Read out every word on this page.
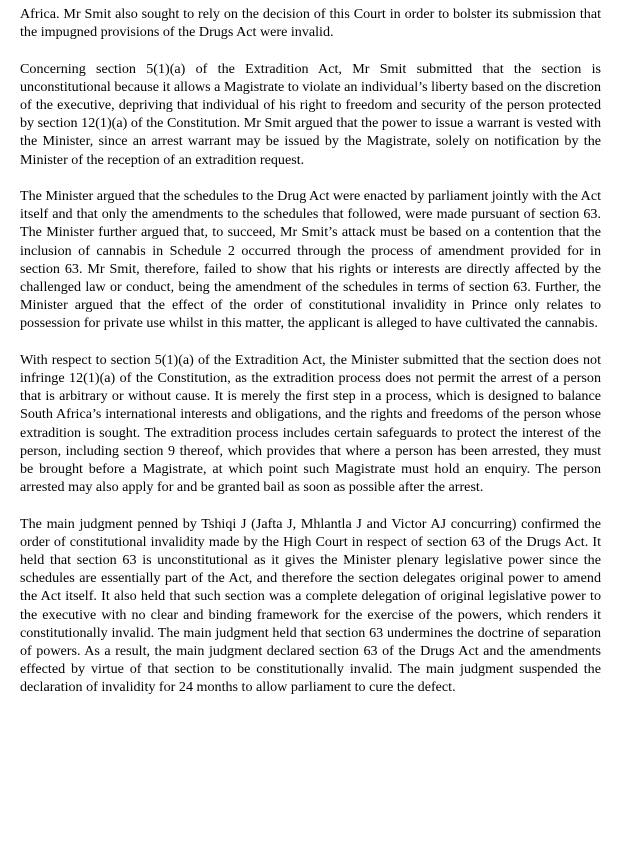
Africa. Mr Smit also sought to rely on the decision of this Court in order to bolster its submission that the impugned provisions of the Drugs Act were invalid.

Concerning section 5(1)(a) of the Extradition Act, Mr Smit submitted that the section is unconstitutional because it allows a Magistrate to violate an individual’s liberty based on the discretion of the executive, depriving that individual of his right to freedom and security of the person protected by section 12(1)(a) of the Constitution. Mr Smit argued that the power to issue a warrant is vested with the Minister, since an arrest warrant may be issued by the Magistrate, solely on notification by the Minister of the reception of an extradition request.

The Minister argued that the schedules to the Drug Act were enacted by parliament jointly with the Act itself and that only the amendments to the schedules that followed, were made pursuant of section 63. The Minister further argued that, to succeed, Mr Smit’s attack must be based on a contention that the inclusion of cannabis in Schedule 2 occurred through the process of amendment provided for in section 63. Mr Smit, therefore, failed to show that his rights or interests are directly affected by the challenged law or conduct, being the amendment of the schedules in terms of section 63. Further, the Minister argued that the effect of the order of constitutional invalidity in Prince only relates to possession for private use whilst in this matter, the applicant is alleged to have cultivated the cannabis.

With respect to section 5(1)(a) of the Extradition Act, the Minister submitted that the section does not infringe 12(1)(a) of the Constitution, as the extradition process does not permit the arrest of a person that is arbitrary or without cause. It is merely the first step in a process, which is designed to balance South Africa’s international interests and obligations, and the rights and freedoms of the person whose extradition is sought. The extradition process includes certain safeguards to protect the interest of the person, including section 9 thereof, which provides that where a person has been arrested, they must be brought before a Magistrate, at which point such Magistrate must hold an enquiry. The person arrested may also apply for and be granted bail as soon as possible after the arrest.

The main judgment penned by Tshiqi J (Jafta J, Mhlantla J and Victor AJ concurring) confirmed the order of constitutional invalidity made by the High Court in respect of section 63 of the Drugs Act. It held that section 63 is unconstitutional as it gives the Minister plenary legislative power since the schedules are essentially part of the Act, and therefore the section delegates original power to amend the Act itself. It also held that such section was a complete delegation of original legislative power to the executive with no clear and binding framework for the exercise of the powers, which renders it constitutionally invalid. The main judgment held that section 63 undermines the doctrine of separation of powers. As a result, the main judgment declared section 63 of the Drugs Act and the amendments effected by virtue of that section to be constitutionally invalid. The main judgment suspended the declaration of invalidity for 24 months to allow parliament to cure the defect.
